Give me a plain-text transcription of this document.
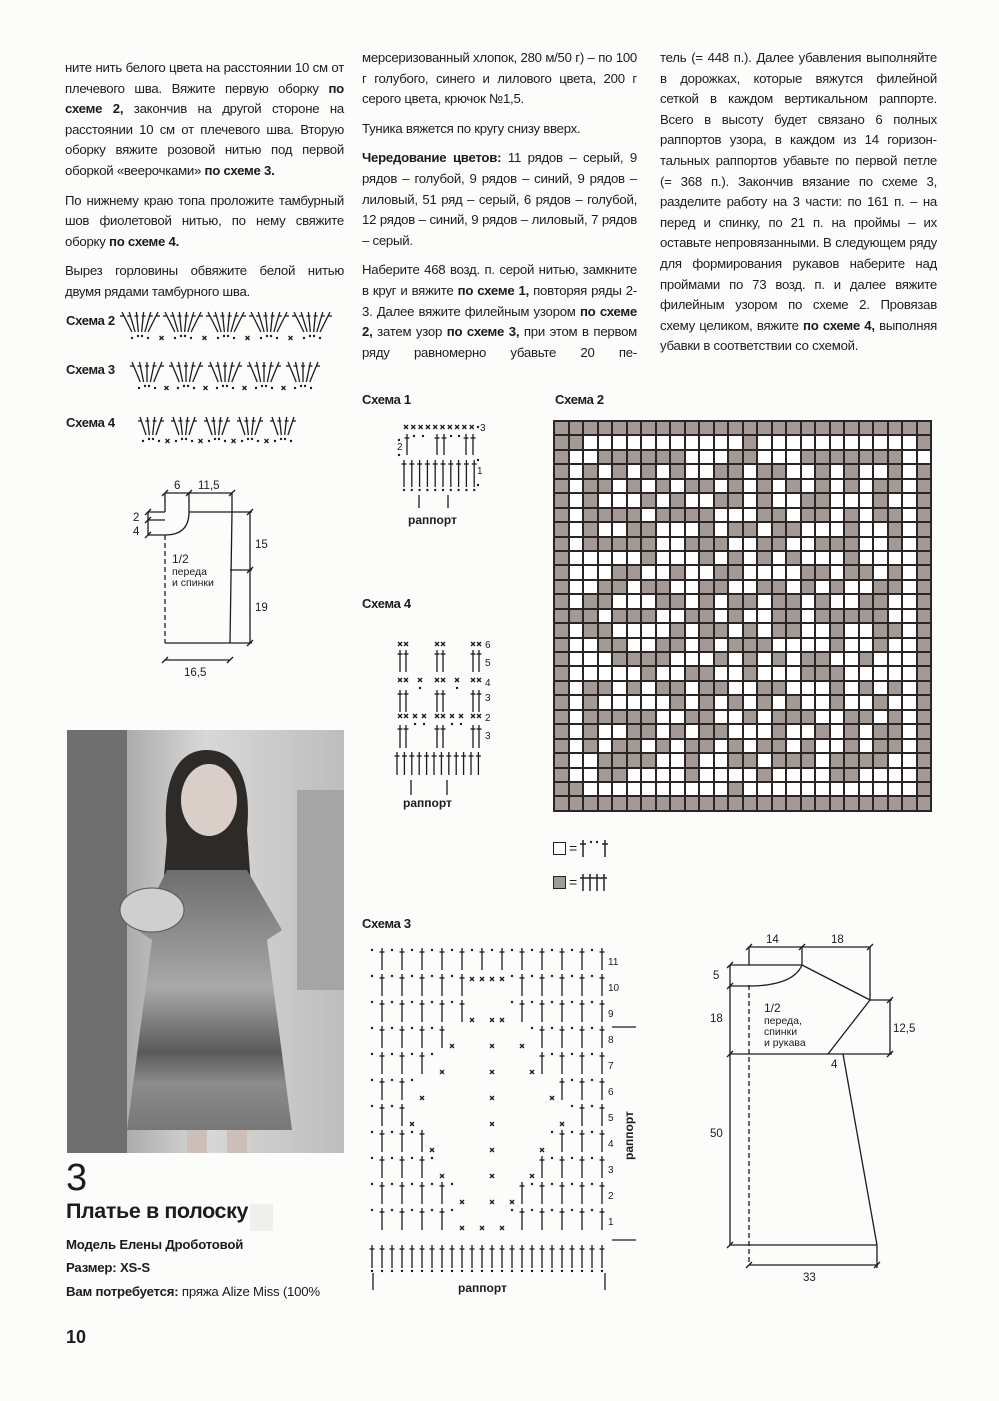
ните нить белого цвета на расстоянии 10 см от плечевого шва. Вяжите первую оборку по схеме 2, закончив на другой стороне на расстоянии 10 см от плечевого шва. Вторую оборку вяжите розовой нитью под первой оборкой «веерочками» по схеме 3.

По нижнему краю топа проложите тамбурный шов фиолетовой нитью, по нему свяжите оборку по схеме 4.

Вырез горловины обвяжите белой нитью двумя рядами тамбурного шва.

мерсеризованный хлопок, 280 м/50 г) – по 100 г голубого, синего и лилового цвета, 200 г серого цвета, крючок №1,5.

Туника вяжется по кругу снизу вверх.

Чередование цветов: 11 рядов – серый, 9 рядов – голубой, 9 рядов – синий, 9 рядов – лиловый, 51 ряд – серый, 6 рядов – голубой, 12 рядов – синий, 9 рядов – лиловый, 7 рядов – серый.

Наберите 468 возд. п. серой нитью, замкните в круг и вяжите по схеме 1, повторяя ряды 2-3. Далее вяжите филейным узором по схеме 2, затем узор по схеме 3, при этом в первом ряду равномерно убавьте 20 пе-

тель (= 448 п.). Далее убавления выполняйте в дорожках, которые вяжутся филейной сеткой в каждом вертикальном раппорте. Всего в высоту будет связано 6 полных раппортов узора, в каждом из 14 горизонтальных раппортов убавьте по первой петле (= 368 п.). Закончив вязание по схеме 3, разделите работу на 3 части: по 161 п. – на перед и спинку, по 21 п. на проймы – их оставьте непровязанными. В следующем ряду для формирования рукавов наберите над проймами по 73 возд. п. и далее вяжите филейным узором по схеме 2. Провязав схему целиком, вяжите по схеме 4, выполняя убавки в соответствии со схемой.

Схема 2
Схема 3
Схема 4
Схема 1
Схема 4
Схема 2
Схема 3
=
=
3
Платье в полоску
Модель Елены Дроботовой
Размер: XS-S
Вам потребуется: пряжа Alize Miss (100%
10
6 11,5
2
4
15
19
16,5
1/2
переда
и спинки
14	18
5
18
12,5
4
50
33
1/2
переда,
спинки
и рукава
3
2
1
раппорт
6
5
4
3
2
3
раппорт
раппорт
раппорт
1
2
3
4
5
6
7
8
9
10
11
